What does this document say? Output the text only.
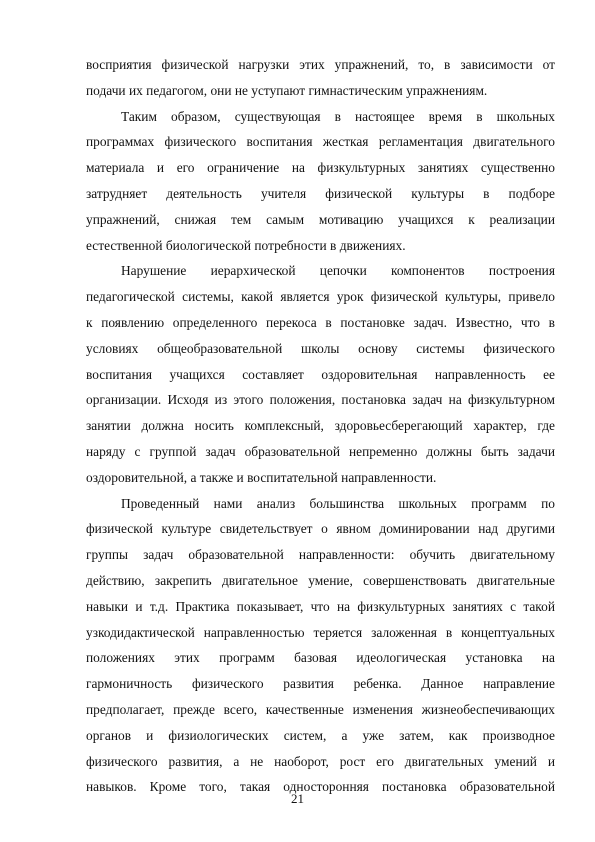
восприятия физической нагрузки этих упражнений, то, в зависимости от
подачи их педагогом, они не уступают гимнастическим упражнениям.
Таким образом, существующая в настоящее время в школьных
программах физического воспитания жесткая регламентация двигательного
материала и его ограничение на физкультурных занятиях существенно
затрудняет деятельность учителя физической культуры в подборе
упражнений, снижая тем самым мотивацию учащихся к реализации
естественной биологической потребности в движениях.
Нарушение иерархической цепочки компонентов построения
педагогической системы, какой является урок физической культуры, привело
к появлению определенного перекоса в постановке задач. Известно, что в
условиях общеобразовательной школы основу системы физического
воспитания учащихся составляет оздоровительная направленность ее
организации. Исходя из этого положения, постановка задач на физкультурном
занятии должна носить комплексный, здоровьесберегающий характер, где
наряду с группой задач образовательной непременно должны быть задачи
оздоровительной, а также и воспитательной направленности.
Проведенный нами анализ большинства школьных программ по
физической культуре свидетельствует о явном доминировании над другими
группы задач образовательной направленности: обучить двигательному
действию, закрепить двигательное умение, совершенствовать двигательные
навыки и т.д. Практика показывает, что на физкультурных занятиях с такой
узкодидактической направленностью теряется заложенная в концептуальных
положениях этих программ базовая идеологическая установка на
гармоничность физического развития ребенка. Данное направление
предполагает, прежде всего, качественные изменения жизнеобеспечивающих
органов и физиологических систем, а уже затем, как производное
физического развития, а не наоборот, рост его двигательных умений и
навыков. Кроме того, такая односторонняя постановка образовательной
21
